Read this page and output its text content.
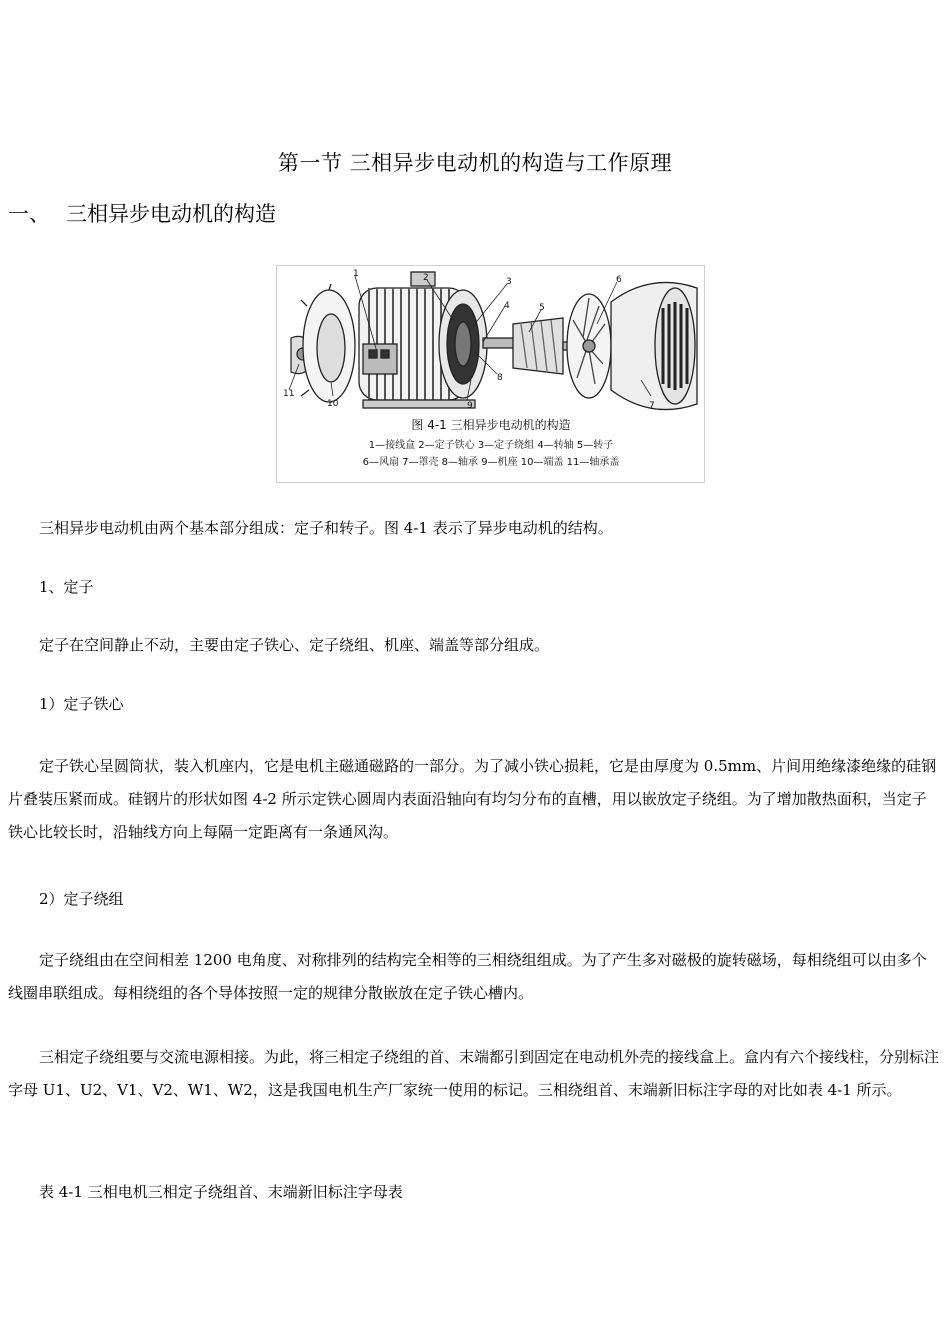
第一节 三相异步电动机的构造与工作原理
一、 三相异步电动机的构造
1	2	3
4	5
6
7
8
9
10
11
图 4-1 三相异步电动机的构造
1—接线盒 2—定子铁心 3—定子绕组 4—转轴 5—转子
6—风扇 7—罩壳 8—轴承 9—机座 10—端盖 11—轴承盖
三相异步电动机由两个基本部分组成：定子和转子。图 4-1 表示了异步电动机的结构。
1、定子
定子在空间静止不动，主要由定子铁心、定子绕组、机座、端盖等部分组成。
1）定子铁心
定子铁心呈圆筒状，装入机座内，它是电机主磁通磁路的一部分。为了减小铁心损耗，它是由厚度为 0.5mm、片间用绝缘漆绝缘的硅钢片叠装压紧而成。硅钢片的形状如图 4-2 所示定铁心圆周内表面沿轴向有均匀分布的直槽，用以嵌放定子绕组。为了增加散热面积，当定子铁心比较长时，沿轴线方向上每隔一定距离有一条通风沟。
2）定子绕组
定子绕组由在空间相差 1200 电角度、对称排列的结构完全相等的三相绕组组成。为了产生多对磁极的旋转磁场，每相绕组可以由多个线圈串联组成。每相绕组的各个导体按照一定的规律分散嵌放在定子铁心槽内。
三相定子绕组要与交流电源相接。为此，将三相定子绕组的首、末端都引到固定在电动机外壳的接线盒上。盒内有六个接线柱，分别标注字母 U1、U2、V1、V2、W1、W2，这是我国电机生产厂家统一使用的标记。三相绕组首、末端新旧标注字母的对比如表 4-1 所示。
表 4-1 三相电机三相定子绕组首、末端新旧标注字母表
